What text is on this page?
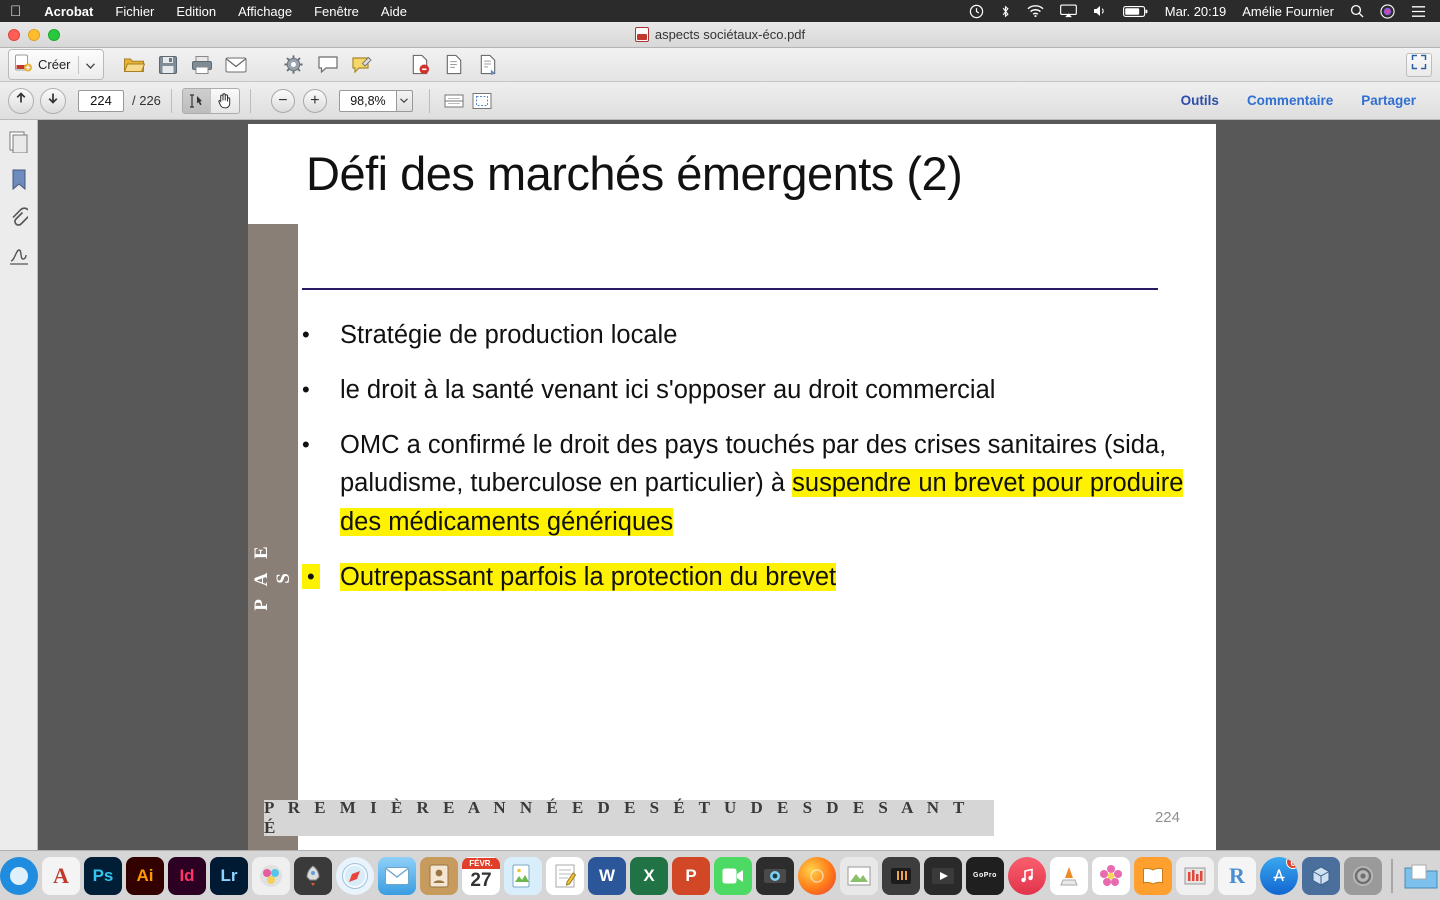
Acrobat	Fichier	Edition	Affichage	Fenêtre	Aide	Mar. 20:19	Amélie Fournier
aspects sociétaux-éco.pdf
Créer
224	/ 226	−	+	98,8%	Outils	Commentaire	Partager
P A E S
Défi des marchés émergents (2)
•	Stratégie de production locale
•	le droit à la santé venant ici s'opposer au droit commercial
•	OMC a confirmé le droit des pays touchés par des crises sanitaires (sida, paludisme, tuberculose en particulier) à suspendre un brevet pour produire des médicaments génériques
• Outrepassant parfois la protection du brevet
P R E M I È R E A N N É E D E S É T U D E S D E S A N T É
224
A	Ps	Ai	Id	Lr
FÉVR.
27	W	X	P	GoPro	R	6
